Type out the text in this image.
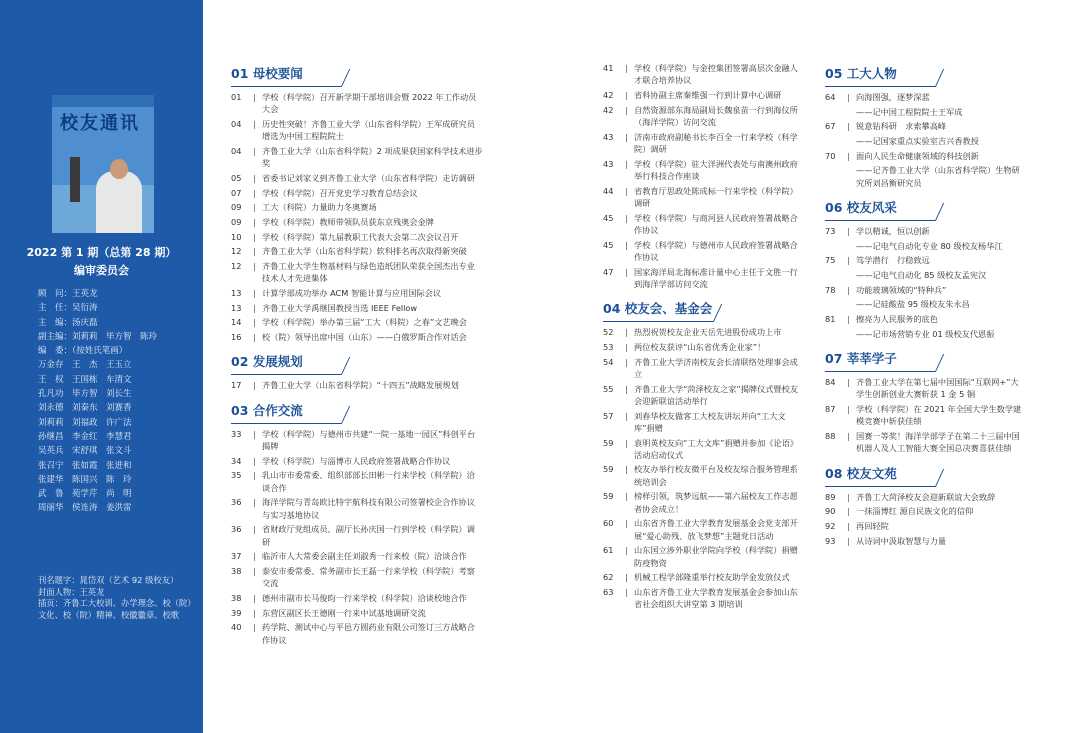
校友通讯
2022 第 1 期（总第 28 期）
编审委员会
顾　问：王英龙
主　任：吴衍涛
主　编：汤庆磊
副主编：刘莉莉　毕方智　陈玲
编　委：（按姓氏笔画）
万金存　王　杰　王玉立
王　权　王国栋　车清文
孔凡功　毕方智　刘长生
刘永德　刘秦东　刘赛香
刘莉莉　刘福政　许广法
孙继昌　李金红　李慧君
吴英兵　宋舒琪　张文斗
张召宁　张如霞　张进和
张建华　陈国兴　陈　玲
武　鲁　苑学芹　尚　明
周丽华　侯连涛　姜洪雷
刊名题字：晁岱双（艺术 92 级校友）
封面人物：王英龙
插页：齐鲁工大校训、办学理念、校（院）文化、校（院）精神、校徽徽章、校歌
01 母校要闻
01	| 学校（科学院）召开新学期干部培训会暨 2022 年工作动员大会
04	| 历史性突破！齐鲁工业大学（山东省科学院）王军成研究员增选为中国工程院院士
04	| 齐鲁工业大学（山东省科学院）2 项成果获国家科学技术进步奖
05	| 省委书记刘家义到齐鲁工业大学（山东省科学院）走访调研
07	| 学校（科学院）召开党史学习教育总结会议
09	| 工大（科院）力量助力冬奥赛场
09	| 学校（科学院）教师带领队员获东京残奥会金牌
10	| 学校（科学院）第九届教职工代表大会第二次会议召开
12	| 齐鲁工业大学（山东省科学院）软科排名再次取得新突破
12	| 齐鲁工业大学生物基材料与绿色造纸团队荣获全国杰出专业技术人才先进集体
13	| 计算学部成功举办 ACM 智能计算与应用国际会议
13	| 齐鲁工业大学禹继国教授当选 IEEE Fellow
14	| 学校（科学院）举办第三届“工大（科院）之春”文艺晚会
16	| 校（院）领导出席中国（山东）——白俄罗斯合作对话会
02 发展规划
17	| 齐鲁工业大学（山东省科学院）“十四五”战略发展规划
03 合作交流
33	| 学校（科学院）与德州市共建“一院一基地一园区”科创平台揭牌
34	| 学校（科学院）与淄博市人民政府签署战略合作协议
35	| 乳山市市委常委、组织部部长田彬一行来学校（科学院）洽谈合作
36	| 海洋学院与青岛欧比特宇航科技有限公司签署校企合作协议与实习基地协议
36	| 省财政厅党组成员、副厅长孙庆国一行到学校（科学院）调研
37	| 临沂市人大常委会副主任刘淑秀一行来校（院）洽谈合作
38	| 泰安市委常委、常务副市长王磊一行来学校（科学院）考察交流
38	| 德州市副市长马俊昀一行来学校（科学院）洽谈校地合作
39	| 东营区副区长王德刚一行来中试基地调研交流
40	| 药学院、测试中心与平邑方圆药业有限公司签订三方战略合作协议
41	| 学校（科学院）与金控集团签署高层次金融人才联合培养协议
42	| 省科协副主席秦维强一行到计算中心调研
42	| 自然资源部东海局副局长魏泉苗一行到海仪所（海洋学院）访问交流
43	| 济南市政府副秘书长李百全一行来学校（科学院）调研
43	| 学校（科学院）驻大洋洲代表处与南澳州政府举行科技合作座谈
44	| 省教育厅思政处陈成标一行来学校（科学院）调研
45	| 学校（科学院）与商河县人民政府签署战略合作协议
45	| 学校（科学院）与德州市人民政府签署战略合作协议
47	| 国家海洋局北海标准计量中心主任于文胜一行到海洋学部访问交流
04 校友会、基金会
52	| 热烈祝贺校友企业天岳先进股份成功上市
53	| 两位校友获评“山东省优秀企业家”！
54	| 齐鲁工业大学济南校友会长清联络处理事会成立
55	| 齐鲁工业大学“菏泽校友之家”揭牌仪式暨校友会迎新联谊活动举行
57	| 刘春华校友做客工大校友讲坛并向“工大文库”捐赠
59	| 袁明英校友向“工大文库”捐赠并参加《论语》活动启动仪式
59	| 校友办举行校友微平台及校友综合服务管理系统培训会
59	| 榜样引领，筑梦远航——第六届校友工作志愿者协会成立！
60	| 山东省齐鲁工业大学教育发展基金会党支部开展“爱心助残、放飞梦想”主题党日活动
61	| 山东国立涉外职业学院向学校（科学院）捐赠防疫物资
62	| 机械工程学部隆重举行校友助学金发放仪式
63	| 山东省齐鲁工业大学教育发展基金会参加山东省社会组织大讲堂第 3 期培训
05 工大人物
64	| 向海图强，逐梦深蓝
——记中国工程院院士王军成
67	| 锐意钻科研　求索攀高峰
——记国家重点实验室吉兴香教授
70	| 面向人民生命健康领域的科技创新
——记齐鲁工业大学（山东省科学院）生物研究所刘昌衡研究员
06 校友风采
73	| 学以精诚，恒以创新
——记电气自动化专业 80 级校友杨华江
75	| 笃学潜行　行稳致远
——记电气自动化 85 级校友孟宪汉
78	| 功能玻璃领域的“特种兵”
——记硅酸盐 95 级校友朱永昌
81	| 擦亮为人民服务的底色
——记市场营销专业 01 级校友代恩振
07 莘莘学子
84	| 齐鲁工业大学在第七届中国国际“互联网+”大学生创新创业大赛斩获 1 金 5 铜
87	| 学校（科学院）在 2021 年全国大学生数学建模竞赛中斩获佳绩
88	| 国赛一等奖！海洋学部学子在第二十三届中国机器人及人工智能大赛全国总决赛喜获佳绩
08 校友文苑
89	| 齐鲁工大菏泽校友会迎新联谊大会致辞
90	| 一抹淄博红 源自民族文化的信仰
92	| 再回轻院
93	| 从诗词中汲取智慧与力量
